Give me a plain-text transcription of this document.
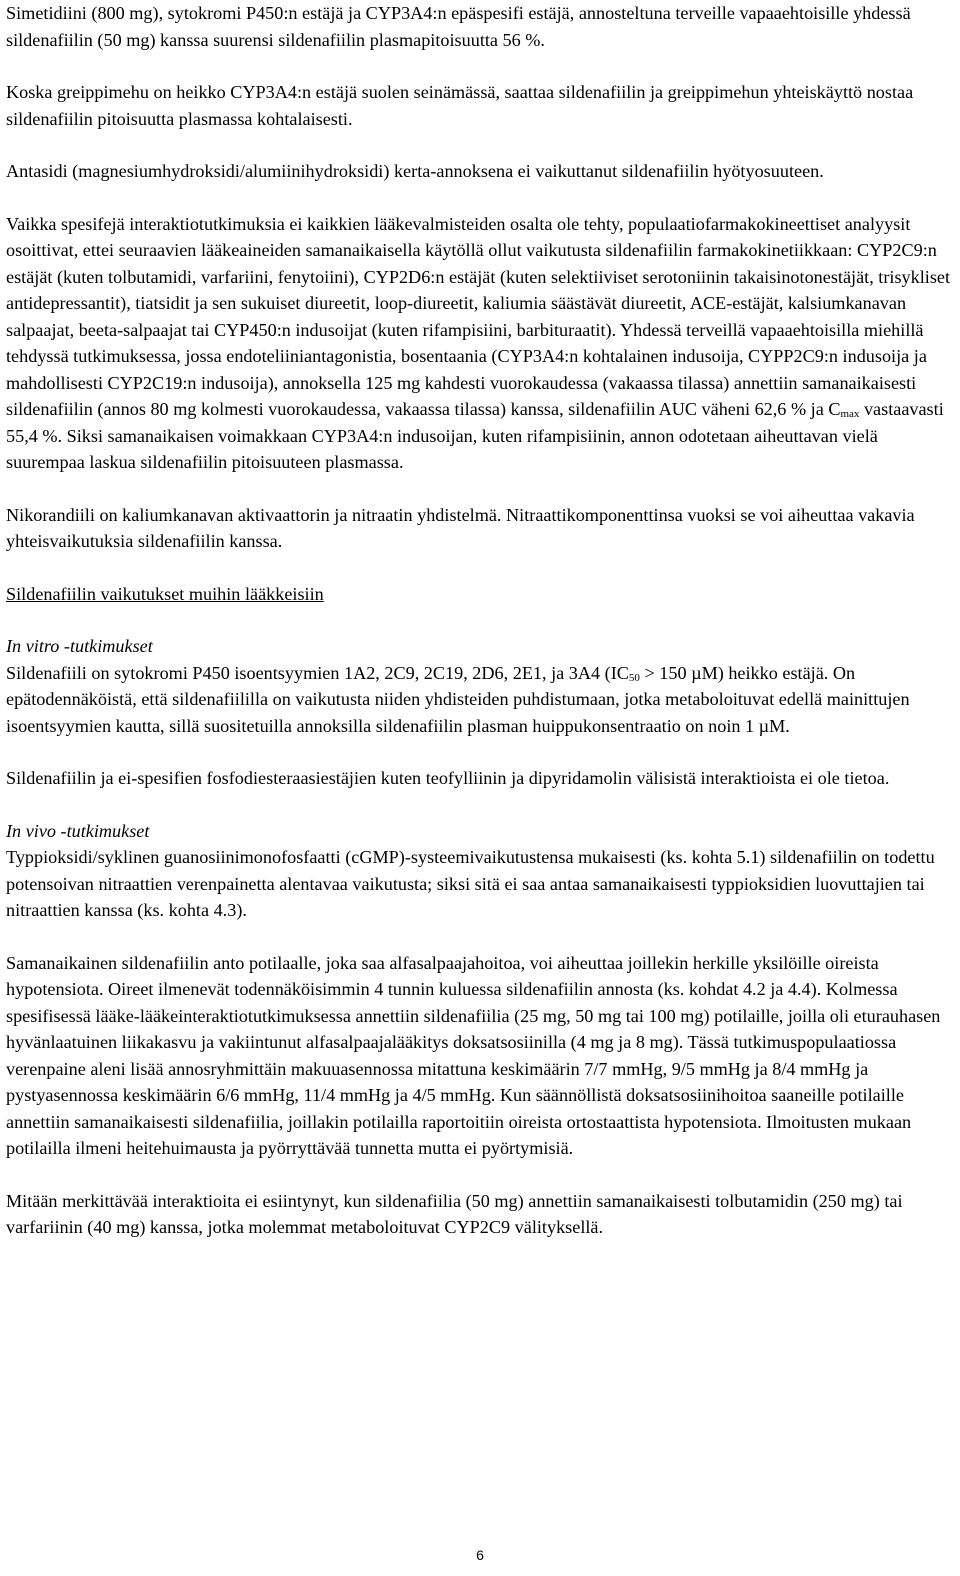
Simetidiini (800 mg), sytokromi P450:n estäjä ja CYP3A4:n epäspesifi estäjä, annosteltuna terveille vapaaehtoisille yhdessä sildenafiilin (50 mg) kanssa suurensi sildenafiilin plasmapitoisuutta 56 %.

Koska greippimehu on heikko CYP3A4:n estäjä suolen seinämässä, saattaa sildenafiilin ja greippimehun yhteiskäyttö nostaa sildenafiilin pitoisuutta plasmassa kohtalaisesti.

Antasidi (magnesiumhydroksidi/alumiinihydroksidi) kerta-annoksena ei vaikuttanut sildenafiilin hyötyosuuteen.

Vaikka spesifejä interaktiotutkimuksia ei kaikkien lääkevalmisteiden osalta ole tehty, populaatiofarmakokineettiset analyysit osoittivat, ettei seuraavien lääkeaineiden samanaikaisella käytöllä ollut vaikutusta sildenafiilin farmakokinetiikkaan: CYP2C9:n estäjät (kuten tolbutamidi, varfariini, fenytoiini), CYP2D6:n estäjät (kuten selektiiviset serotoniinin takaisinotonestäjät, trisykliset antidepressantit), tiatsidit ja sen sukuiset diureetit, loop-diureetit, kaliumia säästävät diureetit, ACE-estäjät, kalsiumkanavan salpaajat, beeta-salpaajat tai CYP450:n indusoijat (kuten rifampisiini, barbituraatit). Yhdessä terveillä vapaaehtoisilla miehillä tehdyssä tutkimuksessa, jossa endoteliiniantagonistia, bosentaania (CYP3A4:n kohtalainen indusoija, CYPP2C9:n indusoija ja mahdollisesti CYP2C19:n indusoija), annoksella 125 mg kahdesti vuorokaudessa (vakaassa tilassa) annettiin samanaikaisesti sildenafiilin (annos 80 mg kolmesti vuorokaudessa, vakaassa tilassa) kanssa, sildenafiilin AUC väheni 62,6 % ja $C_{max}$ vastaavasti 55,4 %. Siksi samanaikaisen voimakkaan CYP3A4:n indusoijan, kuten rifampisiinin, annon odotetaan aiheuttavan vielä suurempaa laskua sildenafiilin pitoisuuteen plasmassa.

Nikorandiili on kaliumkanavan aktivaattorin ja nitraatin yhdistelmä. Nitraattikomponenttinsa vuoksi se voi aiheuttaa vakavia yhteisvaikutuksia sildenafiilin kanssa.

Sildenafiilin vaikutukset muihin lääkkeisiin

In vitro -tutkimukset

Sildenafiili on sytokromi P450 isoentsyymien 1A2, 2C9, 2C19, 2D6, 2E1, ja 3A4 ($IC_{50} > 150$ µM) heikko estäjä. On epätodennäköistä, että sildenafiililla on vaikutusta niiden yhdisteiden puhdistumaan, jotka metaboloituvat edellä mainittujen isoentsyymien kautta, sillä suositetuilla annoksilla sildenafiilin plasman huippukonsentraatio on noin 1 µM.

Sildenafiilin ja ei-spesifien fosfodiesteraasiestäjien kuten teofylliinin ja dipyridamolin välisistä interaktioista ei ole tietoa.

In vivo -tutkimukset

Typpioksidi/syklinen guanosiinimonofosfaatti (cGMP)-systeemivaikutustensa mukaisesti (ks. kohta 5.1) sildenafiilin on todettu potensoivan nitraattien verenpainetta alentavaa vaikutusta; siksi sitä ei saa antaa samanaikaisesti typpioksidien luovuttajien tai nitraattien kanssa (ks. kohta 4.3).

Samanaikainen sildenafiilin anto potilaalle, joka saa alfasalpaajahoitoa, voi aiheuttaa joillekin herkille yksilöille oireista hypotensiota. Oireet ilmenevät todennäköisimmin 4 tunnin kuluessa sildenafiilin annosta (ks. kohdat 4.2 ja 4.4). Kolmessa spesifisessä lääke-lääkeinteraktiotutkimuksessa annettiin sildenafiilia (25 mg, 50 mg tai 100 mg) potilaille, joilla oli eturauhasen hyvänlaatuinen liikakasvu ja vakiintunut alfasalpaajalääkitys doksatsosiinilla (4 mg ja 8 mg). Tässä tutkimuspopulaatiossa verenpaine aleni lisää annosryhmittäin makuuasennossa mitattuna keskimäärin 7/7 mmHg, 9/5 mmHg ja 8/4 mmHg ja pystyasennossa keskimäärin 6/6 mmHg, 11/4 mmHg ja 4/5 mmHg. Kun säännöllistä doksatsosiinihoitoa saaneille potilaille annettiin samanaikaisesti sildenafiilia, joillakin potilailla raportoitiin oireista ortostaattista hypotensiota. Ilmoitusten mukaan potilailla ilmeni heitehuimausta ja pyörryttävää tunnetta mutta ei pyörtymisiä.

Mitään merkittävää interaktioita ei esiintynyt, kun sildenafiilia (50 mg) annettiin samanaikaisesti tolbutamidin (250 mg) tai varfariinin (40 mg) kanssa, jotka molemmat metaboloituvat CYP2C9 välityksellä.

6
